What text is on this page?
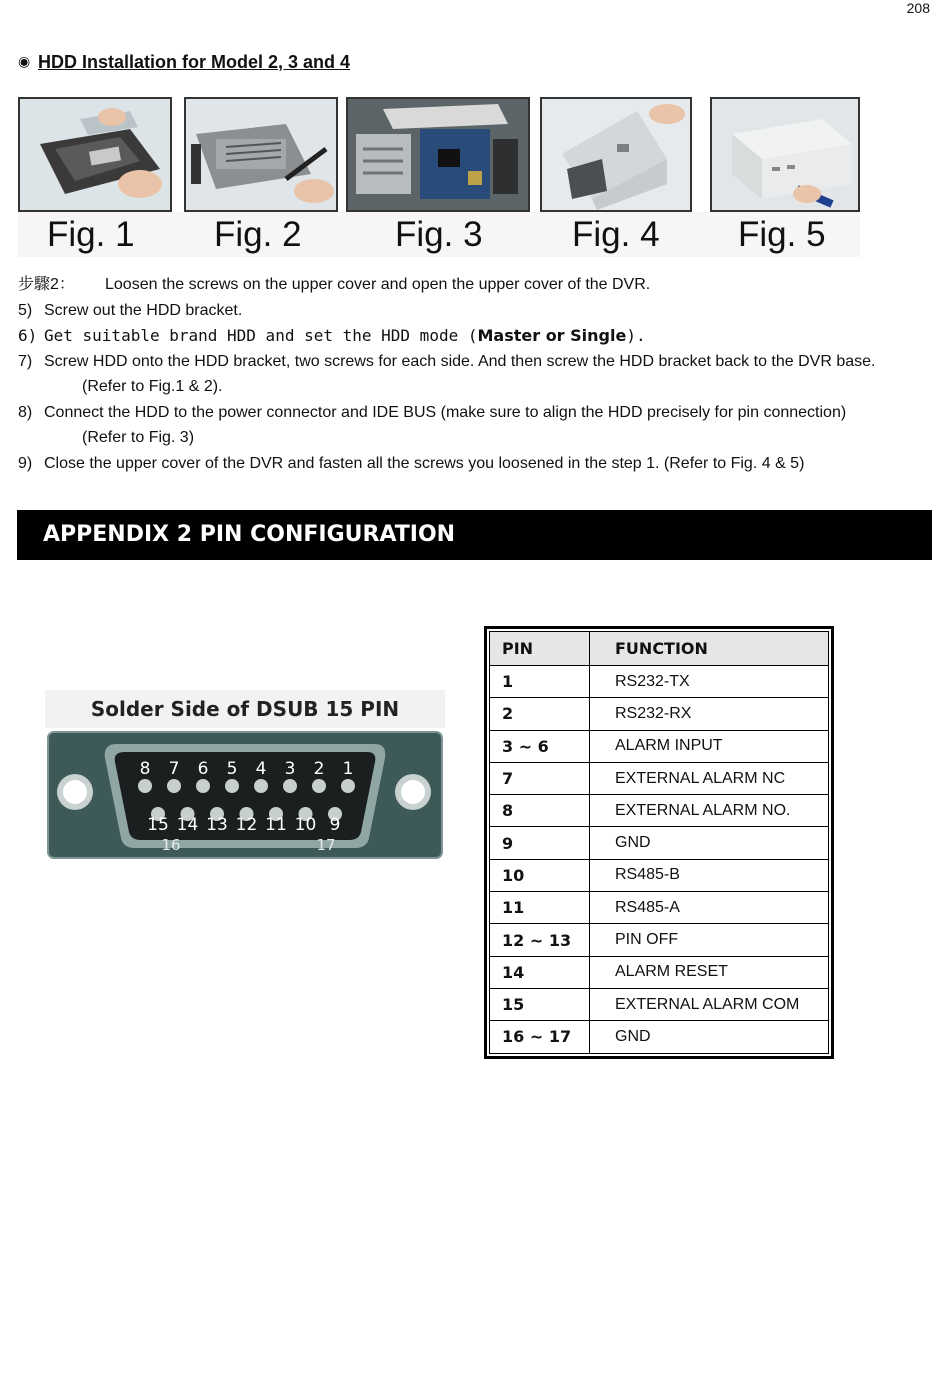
208
◉ HDD Installation for Model 2, 3 and 4
Fig. 1	Fig. 2	Fig. 3	Fig. 4	Fig. 5
步驟2： Loosen the screws on the upper cover and open the upper cover of the DVR.
5) Screw out the HDD bracket.
6) Get suitable brand HDD and set the HDD mode (Master or Single).
7) Screw HDD onto the HDD bracket, two screws for each side. And then screw the HDD bracket back to the DVR base.
(Refer to Fig.1 & 2).
8) Connect the HDD to the power connector and IDE BUS (make sure to align the HDD precisely for pin connection)
(Refer to Fig. 3)
9) Close the upper cover of the DVR and fasten all the screws you loosened in the step 1. (Refer to Fig. 4 & 5)
APPENDIX 2 PIN CONFIGURATION
Solder Side of DSUB 15 PIN
8 7 6 5 4 3 2 1
15 14 13 12 11 10 9
16	17
PIN	FUNCTION
1	RS232-TX
2	RS232-RX
3 ~ 6	ALARM INPUT
7	EXTERNAL ALARM NC
8	EXTERNAL ALARM NO.
9	GND
10	RS485-B
11	RS485-A
12 ~ 13	PIN OFF
14	ALARM RESET
15	EXTERNAL ALARM COM
16 ~ 17	GND
